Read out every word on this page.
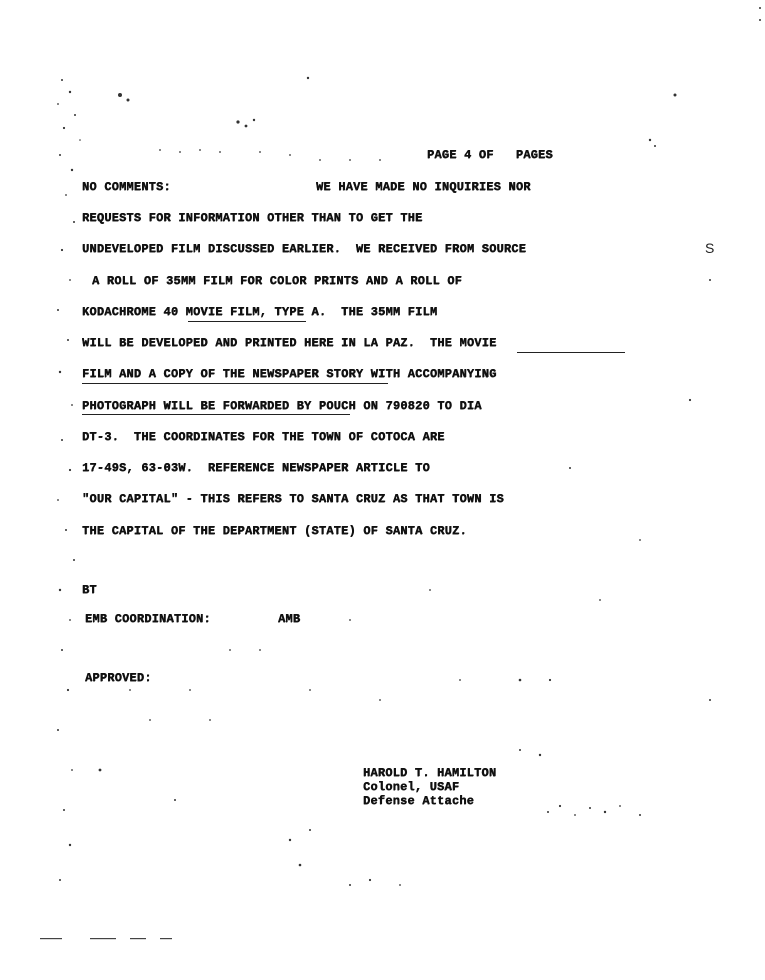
PAGE 4 OF   PAGES
NO COMMENTS:	WE HAVE MADE NO INQUIRIES NOR
REQUESTS FOR INFORMATION OTHER THAN TO GET THE
UNDEVELOPED FILM DISCUSSED EARLIER.  WE RECEIVED FROM SOURCE
A ROLL OF 35MM FILM FOR COLOR PRINTS AND A ROLL OF
KODACHROME 40 MOVIE FILM, TYPE A.  THE 35MM FILM
WILL BE DEVELOPED AND PRINTED HERE IN LA PAZ.  THE MOVIE
FILM AND A COPY OF THE NEWSPAPER STORY WITH ACCOMPANYING
PHOTOGRAPH WILL BE FORWARDED BY POUCH ON 790820 TO DIA
DT-3.  THE COORDINATES FOR THE TOWN OF COTOCA ARE
17-49S, 63-03W.  REFERENCE NEWSPAPER ARTICLE TO
"OUR CAPITAL" - THIS REFERS TO SANTA CRUZ AS THAT TOWN IS
THE CAPITAL OF THE DEPARTMENT (STATE) OF SANTA CRUZ.
BT
EMB COORDINATION:	AMB
APPROVED:
HAROLD T. HAMILTON
Colonel, USAF
Defense Attache
S
